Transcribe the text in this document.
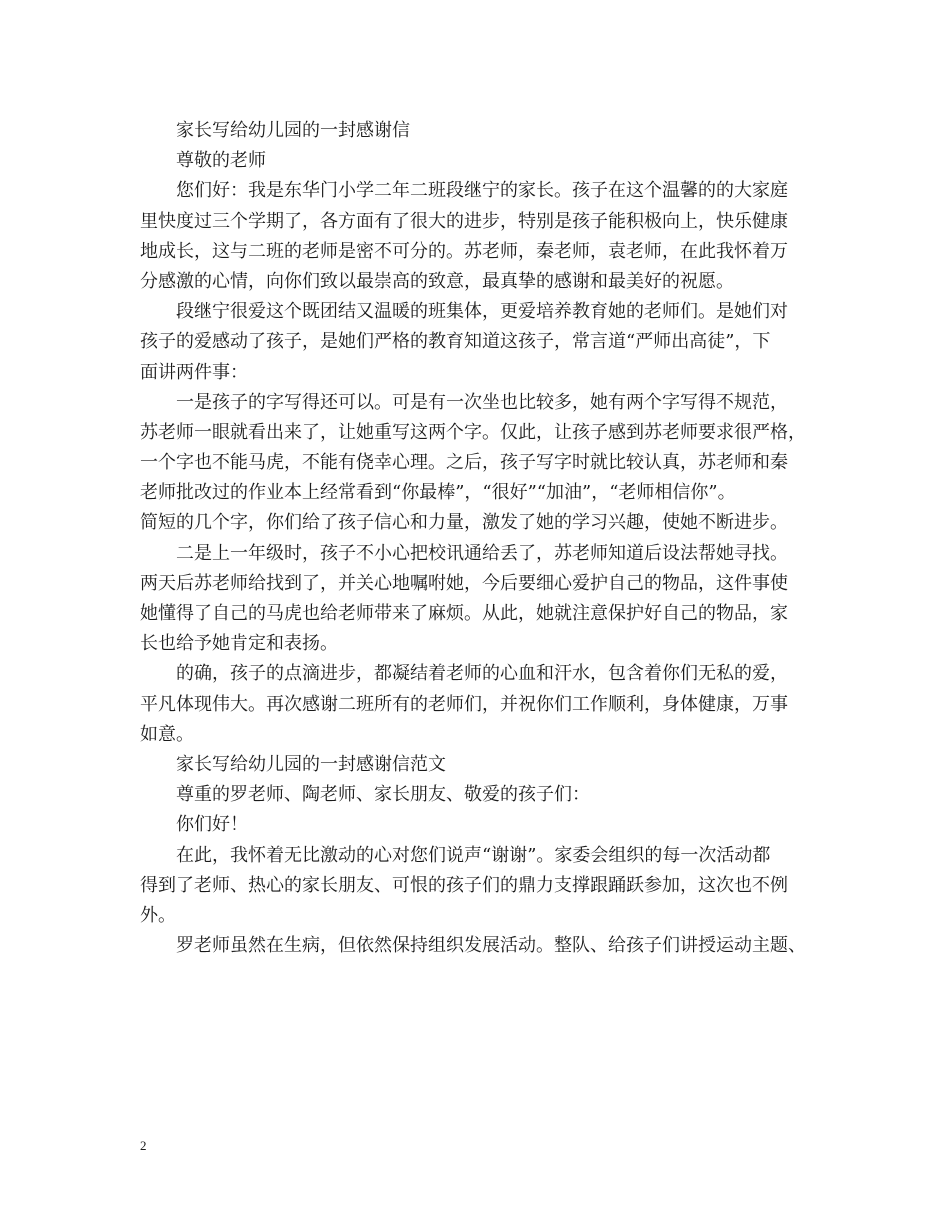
家长写给幼儿园的一封感谢信
尊敬的老师
您们好：我是东华门小学二年二班段继宁的家长。孩子在这个温馨的的大家庭
里快度过三个学期了，各方面有了很大的进步，特别是孩子能积极向上，快乐健康
地成长，这与二班的老师是密不可分的。苏老师，秦老师，袁老师，在此我怀着万
分感激的心情，向你们致以最崇高的致意，最真挚的感谢和最美好的祝愿。
段继宁很爱这个既团结又温暖的班集体，更爱培养教育她的老师们。是她们对
孩子的爱感动了孩子，是她们严格的教育知道这孩子，常言道“严师出高徒”，下
面讲两件事：
一是孩子的字写得还可以。可是有一次坐也比较多，她有两个字写得不规范，
苏老师一眼就看出来了，让她重写这两个字。仅此，让孩子感到苏老师要求很严格，
一个字也不能马虎，不能有侥幸心理。之后，孩子写字时就比较认真，苏老师和秦
老师批改过的作业本上经常看到“你最棒”，“很好”“加油”，“老师相信你”。
简短的几个字，你们给了孩子信心和力量，激发了她的学习兴趣，使她不断进步。
二是上一年级时，孩子不小心把校讯通给丢了，苏老师知道后设法帮她寻找。
两天后苏老师给找到了，并关心地嘱咐她，今后要细心爱护自己的物品，这件事使
她懂得了自己的马虎也给老师带来了麻烦。从此，她就注意保护好自己的物品，家
长也给予她肯定和表扬。
的确，孩子的点滴进步，都凝结着老师的心血和汗水，包含着你们无私的爱，
平凡体现伟大。再次感谢二班所有的老师们，并祝你们工作顺利，身体健康，万事
如意。
家长写给幼儿园的一封感谢信范文
尊重的罗老师、陶老师、家长朋友、敬爱的孩子们：
你们好！
在此，我怀着无比激动的心对您们说声“谢谢”。家委会组织的每一次活动都
得到了老师、热心的家长朋友、可恨的孩子们的鼎力支撑跟踊跃参加，这次也不例
外。
罗老师虽然在生病，但依然保持组织发展活动。整队、给孩子们讲授运动主题、
2
